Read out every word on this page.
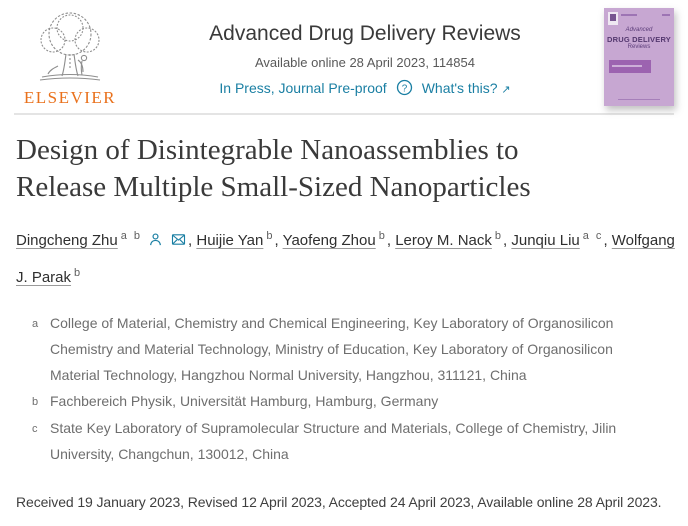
ELSEVIER
Advanced Drug Delivery Reviews
Available online 28 April 2023, 114854
In Press, Journal Pre-proof ? What's this? ↗
Advanced
DRUG DELIVERY
Reviews
Design of Disintegrable Nanoassemblies to
Release Multiple Small-Sized Nanoparticles
Dingcheng Zhu $^{a b}$	, Huijie Yan $^b$, Yaofeng Zhou $^b$, Leroy M. Nack $^b$, Junqiu Liu $^{a c}$, Wolfgang J. Parak $^b$
a College of Material, Chemistry and Chemical Engineering, Key Laboratory of Organosilicon Chemistry and Material Technology, Ministry of Education, Key Laboratory of Organosilicon Material Technology, Hangzhou Normal University, Hangzhou, 311121, China
b Fachbereich Physik, Universität Hamburg, Hamburg, Germany
c State Key Laboratory of Supramolecular Structure and Materials, College of Chemistry, Jilin University, Changchun, 130012, China
Received 19 January 2023, Revised 12 April 2023, Accepted 24 April 2023, Available online 28 April 2023.
